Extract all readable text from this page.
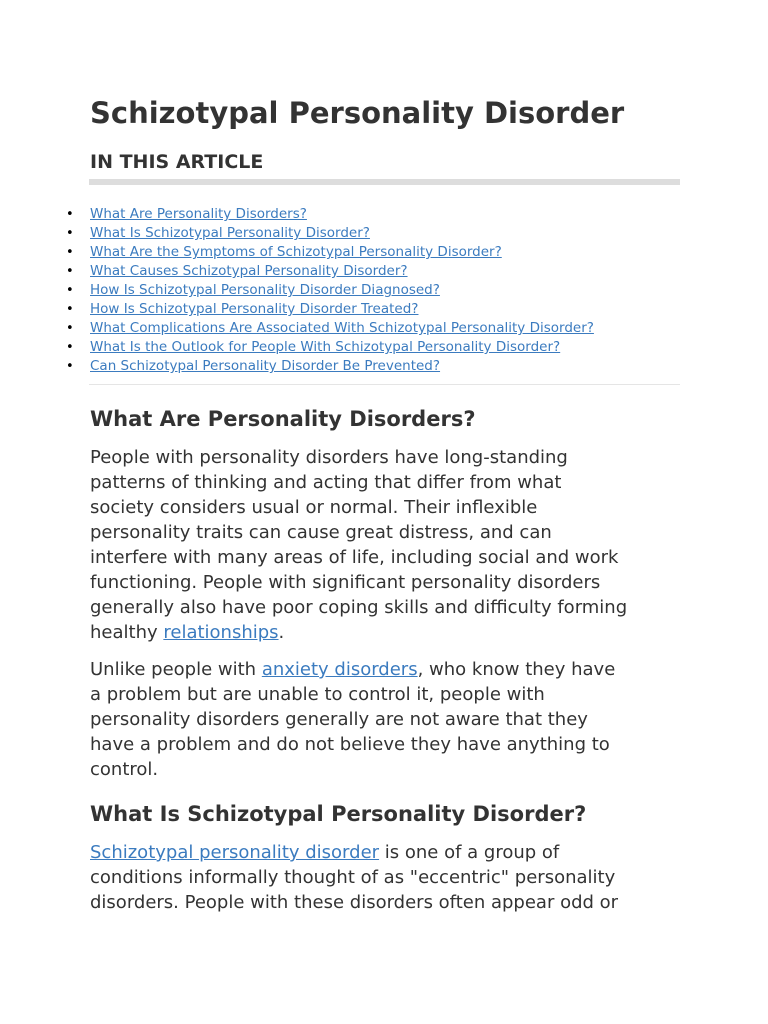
Schizotypal Personality Disorder
IN THIS ARTICLE
• What Are Personality Disorders?
• What Is Schizotypal Personality Disorder?
• What Are the Symptoms of Schizotypal Personality Disorder?
• What Causes Schizotypal Personality Disorder?
• How Is Schizotypal Personality Disorder Diagnosed?
• How Is Schizotypal Personality Disorder Treated?
• What Complications Are Associated With Schizotypal Personality Disorder?
• What Is the Outlook for People With Schizotypal Personality Disorder?
• Can Schizotypal Personality Disorder Be Prevented?
What Are Personality Disorders?

People with personality disorders have long-standing
patterns of thinking and acting that differ from what
society considers usual or normal. Their inflexible
personality traits can cause great distress, and can
interfere with many areas of life, including social and work
functioning. People with significant personality disorders
generally also have poor coping skills and difficulty forming
healthy relationships.

Unlike people with anxiety disorders, who know they have
a problem but are unable to control it, people with
personality disorders generally are not aware that they
have a problem and do not believe they have anything to
control.

What Is Schizotypal Personality Disorder?

Schizotypal personality disorder is one of a group of
conditions informally thought of as "eccentric" personality
disorders. People with these disorders often appear odd or
